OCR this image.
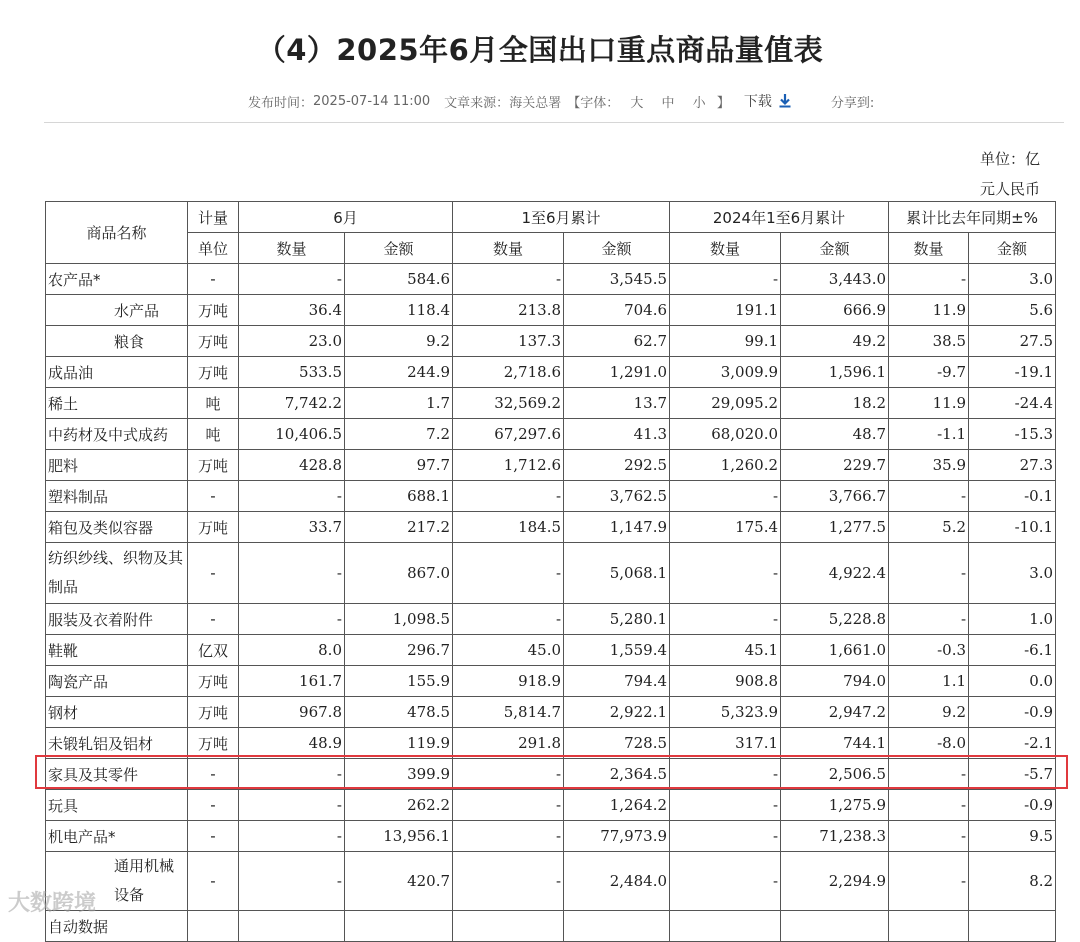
（4）2025年6月全国出口重点商品量值表
发布时间： 2025-07-14 11:00 文章来源： 海关总署 【字体： 大 中 小 】 下载	分享到:
单位：亿
元人民币
商品名称	计量	6月		1至6月累计		2024年1至6月累计		累计比去年同期±%	
	单位	数量	金额	数量	金额	数量	金额	数量	金额
农产品*	-	-	584.6	-	3,545.5	-	3,443.0	-	3.0
水产品	万吨	36.4	118.4	213.8	704.6	191.1	666.9	11.9	5.6
粮食	万吨	23.0	9.2	137.3	62.7	99.1	49.2	38.5	27.5
成品油	万吨	533.5	244.9	2,718.6	1,291.0	3,009.9	1,596.1	-9.7	-19.1
稀土	吨	7,742.2	1.7	32,569.2	13.7	29,095.2	18.2	11.9	-24.4
中药材及中式成药	吨	10,406.5	7.2	67,297.6	41.3	68,020.0	48.7	-1.1	-15.3
肥料	万吨	428.8	97.7	1,712.6	292.5	1,260.2	229.7	35.9	27.3
塑料制品	-	-	688.1	-	3,762.5	-	3,766.7	-	-0.1
箱包及类似容器	万吨	33.7	217.2	184.5	1,147.9	175.4	1,277.5	5.2	-10.1
纺织纱线、织物及其制品	-	-	867.0	-	5,068.1	-	4,922.4	-	3.0
服装及衣着附件	-	-	1,098.5	-	5,280.1	-	5,228.8	-	1.0
鞋靴	亿双	8.0	296.7	45.0	1,559.4	45.1	1,661.0	-0.3	-6.1
陶瓷产品	万吨	161.7	155.9	918.9	794.4	908.8	794.0	1.1	0.0
钢材	万吨	967.8	478.5	5,814.7	2,922.1	5,323.9	2,947.2	9.2	-0.9
未锻轧铝及铝材	万吨	48.9	119.9	291.8	728.5	317.1	744.1	-8.0	-2.1
家具及其零件	-	-	399.9	-	2,364.5	-	2,506.5	-	-5.7
玩具	-	-	262.2	-	1,264.2	-	1,275.9	-	-0.9
机电产品*	-	-	13,956.1	-	77,973.9	-	71,238.3	-	9.5
通用机械设备	-	-	420.7	-	2,484.0	-	2,294.9	-	8.2
自动数据									
大数跨境
